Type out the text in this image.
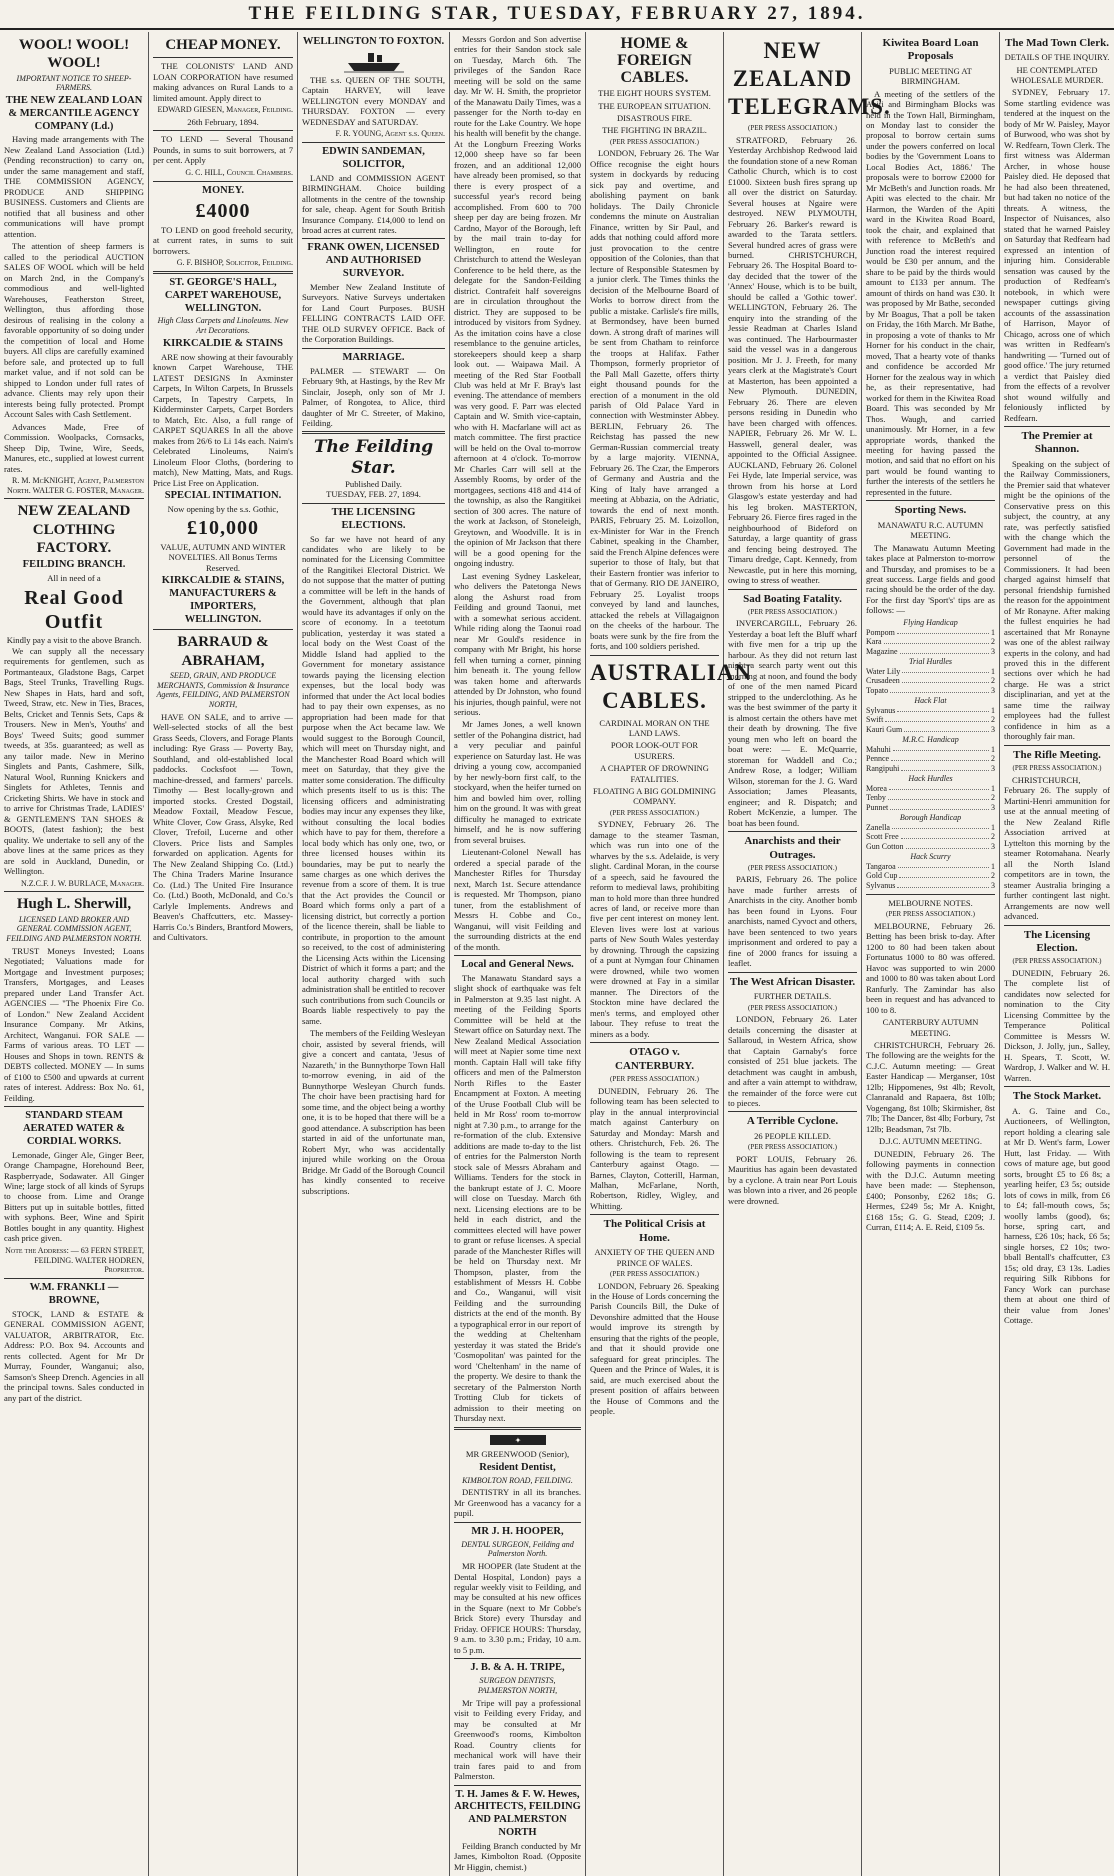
THE FEILDING STAR, TUESDAY, FEBRUARY 27, 1894.
WOOL! WOOL! WOOL!
IMPORTANT NOTICE TO SHEEP-FARMERS.
THE NEW ZEALAND LOAN & MERCANTILE AGENCY COMPANY (Ld.)

Having made arrangements with The New Zealand Land Association (Ltd.) (Pending reconstruction) to carry on, under the same management and staff, THE COMMISSION AGENCY, PRODUCE AND SHIPPING BUSINESS. Customers and Clients are notified that all business and other communications will have prompt attention.

The attention of sheep farmers is called to the periodical AUCTION SALES OF WOOL which will be held on March 2nd, in the Company's commodious and well-lighted Warehouses, Featherston Street, Wellington, thus affording those desirous of realising in the colony a favorable opportunity of so doing under the competition of local and Home buyers. All clips are carefully examined before sale, and protected up to full market value, and if not sold can be shipped to London under full rates of advance. Clients may rely upon their interests being fully protected. Prompt Account Sales with Cash Settlement.

Advances Made, Free of Commission. Woolpacks, Cornsacks, Sheep Dip, Twine, Wire, Seeds, Manures, etc., supplied at lowest current rates.

R. M. McKNIGHT, Agent, Palmerston North. WALTER G. FOSTER, Manager.
NEW ZEALAND CLOTHING FACTORY.
FEILDING BRANCH.
All in need of a
Real Good Outfit
Kindly pay a visit to the above Branch.

We can supply all the necessary requirements for gentlemen, such as Portmanteaux, Gladstone Bags, Carpet Bags, Steel Trunks, Travelling Rugs. New Shapes in Hats, hard and soft, Tweed, Straw, etc. New in Ties, Braces, Belts, Cricket and Tennis Sets, Caps & Trousers. New in Men's, Youths' and Boys' Tweed Suits; good summer tweeds, at 35s. guaranteed; as well as any tailor made. New in Merino Singlets and Pants, Cashmere, Silk, Natural Wool, Running Knickers and Singlets for Athletes, Tennis and Cricketing Shirts. We have in stock and to arrive for Christmas Trade, LADIES' & GENTLEMEN'S TAN SHOES & BOOTS, (latest fashion); the best quality. We undertake to sell any of the above lines at the same prices as they are sold in Auckland, Dunedin, or Wellington.

N.Z.C.F. J. W. BURLACE, Manager.
Hugh L. Sherwill,
LICENSED LAND BROKER AND GENERAL COMMISSION AGENT, FEILDING AND PALMERSTON NORTH.

TRUST Moneys Invested; Loans Negotiated; Valuations made for Mortgage and Investment purposes; Transfers, Mortgages, and Leases prepared under Land Transfer Act. AGENCIES — "The Phoenix Fire Co. of London." New Zealand Accident Insurance Company. Mr Atkins, Architect, Wanganui. FOR SALE — Farms of various areas. TO LET — Houses and Shops in town. RENTS & DEBTS collected. MONEY — In sums of £100 to £500 and upwards at current rates of interest. Address: Box No. 61, Feilding.

STANDARD STEAM AERATED WATER & CORDIAL WORKS.

Lemonade, Ginger Ale, Ginger Beer, Orange Champagne, Horehound Beer, Raspberryade, Sodawater. All Ginger Wine; large stock of all kinds of Syrups to choose from. Lime and Orange Bitters put up in suitable bottles, fitted with syphons. Beer, Wine and Spirit Bottles bought in any quantity. Highest cash price given.

Note the Address: — 63 FERN STREET, FEILDING. WALTER HODREN, Proprietor.
W.M. FRANKLI — BROWNE,

STOCK, LAND & ESTATE & GENERAL COMMISSION AGENT, VALUATOR, ARBITRATOR, Etc. Address: P.O. Box 94. Accounts and rents collected. Agent for Mr Dr Murray, Founder, Wanganui; also, Samson's Sheep Drench. Agencies in all the principal towns. Sales conducted in any part of the district.

CHEAP MONEY.

THE COLONISTS' LAND AND LOAN CORPORATION have resumed making advances on Rural Lands to a limited amount. Apply direct to

EDWARD GIESEN, Manager, Feilding.
26th February, 1894.

TO LEND — Several Thousand Pounds, in sums to suit borrowers, at 7 per cent. Apply

G. C. HILL, Council Chambers.
MONEY.
£4000

TO LEND on good freehold security, at current rates, in sums to suit borrowers.

G. F. BISHOP, Solicitor, Feilding.
ST. GEORGE'S HALL, CARPET WAREHOUSE, WELLINGTON.
High Class Carpets and Linoleums. New Art Decorations.
KIRKCALDIE & STAINS

ARE now showing at their favourably known Carpet Warehouse, THE LATEST DESIGNS In Axminster Carpets, In Wilton Carpets, In Brussels Carpets, In Tapestry Carpets, In Kidderminster Carpets, Carpet Borders to Match, Etc. Also, a full range of CARPET SQUARES In all the above makes from 26/6 to Li 14s each. Nairn's Celebrated Linoleums, Nairn's Linoleum Floor Cloths, (bordering to match), New Matting, Mats, and Rugs. Price List Free on Application.

SPECIAL INTIMATION.
Now opening by the s.s. Gothic,
£10,000
VALUE, AUTUMN AND WINTER NOVELTIES. All Bonus Terms Reserved.
KIRKCALDIE & STAINS, MANUFACTURERS & IMPORTERS, WELLINGTON.
BARRAUD & ABRAHAM,
SEED, GRAIN, AND PRODUCE MERCHANTS, Commission & Insurance Agents, FEILDING, AND PALMERSTON NORTH,

HAVE ON SALE, and to arrive — Well-selected stocks of all the best Grass Seeds, Clovers, and Forage Plants including: Rye Grass — Poverty Bay, Southland, and old-established local paddocks. Cocksfoot — Town, machine-dressed, and farmers' parcels. Timothy — Best locally-grown and imported stocks. Crested Dogstail, Meadow Foxtail, Meadow Fescue, White Clover, Cow Grass, Alsyke, Red Clover, Trefoil, Lucerne and other Clovers. Price lists and Samples forwarded on application. Agents for The New Zealand Shipping Co. (Ltd.) The China Traders Marine Insurance Co. (Ltd.) The United Fire Insurance Co. (Ltd.) Booth, McDonald, and Co.'s Carlyle Implements. Andrews and Beaven's Chaffcutters, etc. Massey-Harris Co.'s Binders, Brantford Mowers, and Cultivators.

WELLINGTON TO FOXTON.

THE s.s. QUEEN OF THE SOUTH, Captain HARVEY, will leave WELLINGTON every MONDAY and THURSDAY. FOXTON — every WEDNESDAY and SATURDAY.

F. R. YOUNG, Agent s.s. Queen.
EDWIN SANDEMAN, SOLICITOR,

LAND and COMMISSION AGENT BIRMINGHAM. Choice building allotments in the centre of the township for sale, cheap. Agent for South British Insurance Company. £14,000 to lend on broad acres at current rates.

FRANK OWEN, LICENSED AND AUTHORISED SURVEYOR.

Member New Zealand Institute of Surveyors. Native Surveys undertaken for Land Court Purposes. BUSH FELLING CONTRACTS LAID OFF. THE OLD SURVEY OFFICE. Back of the Corporation Buildings.

MARRIAGE.

PALMER — STEWART — On February 9th, at Hastings, by the Rev Mr Sinclair, Joseph, only son of Mr J. Palmer, of Rongotea, to Alice, third daughter of Mr C. Streeter, of Makino, Feilding.

The Feilding Star.
Published Daily.
TUESDAY, FEB. 27, 1894.
THE LICENSING ELECTIONS.

So far we have not heard of any candidates who are likely to be nominated for the Licensing Committee of the Rangitikei Electoral District. We do not suppose that the matter of putting a committee will be left in the hands of the Government, although that plan would have its advantages if only on the score of economy. In a teetotum publication, yesterday it was stated a local body on the West Coast of the Middle Island had applied to the Government for monetary assistance towards paying the licensing election expenses, but the local body was informed that under the Act local bodies had to pay their own expenses, as no appropriation had been made for that purpose when the Act became law. We would suggest to the Borough Council, which will meet on Thursday night, and the Manchester Road Board which will meet on Saturday, that they give the matter some consideration. The difficulty which presents itself to us is this: The licensing officers and administrating bodies may incur any expenses they like, without consulting the local bodies which have to pay for them, therefore a local body which has only one, two, or three licensed houses within its boundaries, may be put to nearly the same charges as one which derives the revenue from a score of them. It is true that the Act provides the Council or Board which forms only a part of a licensing district, but correctly a portion of the licence therein, shall be liable to contribute, in proportion to the amount so received, to the cost of administering the Licensing Acts within the Licensing District of which it forms a part; and the local authority charged with such administration shall be entitled to recover such contributions from such Councils or Boards liable respectively to pay the same.

The members of the Feilding Wesleyan choir, assisted by several friends, will give a concert and cantata, 'Jesus of Nazareth,' in the Bunnythorpe Town Hall to-morrow evening, in aid of the Bunnythorpe Wesleyan Church funds. The choir have been practising hard for some time, and the object being a worthy one, it is to be hoped that there will be a good attendance. A subscription has been started in aid of the unfortunate man, Robert Myr, who was accidentally injured while working on the Oroua Bridge. Mr Gadd of the Borough Council has kindly consented to receive subscriptions.

Messrs Gordon and Son advertise entries for their Sandon stock sale on Tuesday, March 6th. The privileges of the Sandon Race meeting will be sold on the same day. Mr W. H. Smith, the proprietor of the Manawatu Daily Times, was a passenger for the North to-day en route for the Lake Country. We hope his health will benefit by the change. At the Longburn Freezing Works 12,000 sheep have so far been frozen, and an additional 12,000 have already been promised, so that there is every prospect of a successful year's record being accomplished. From 600 to 700 sheep per day are being frozen. Mr Cardno, Mayor of the Borough, left by the mail train to-day for Wellington, en route for Christchurch to attend the Wesleyan Conference to be held there, as the delegate for the Sandon-Feilding district. Contrafeit half sovereigns are in circulation throughout the district. They are supposed to be introduced by visitors from Sydney. As the imitation coins have a close resemblance to the genuine articles, storekeepers should keep a sharp look out. — Waipawa Mail. A meeting of the Red Star Football Club was held at Mr F. Bray's last evening. The attendance of members was very good. F. Parr was elected Captain and W. Smith vice-captain, who with H. Macfarlane will act as match committee. The first practice will be held on the Oval to-morrow afternoon at 4 o'clock. To-morrow Mr Charles Carr will sell at the Assembly Rooms, by order of the mortgagees, sections 418 and 414 of the township, as also the Rangitikei section of 300 acres. The nature of the work at Jackson, of Stoneleigh, Greytown, and Woodville. It is in the opinion of Mr Jackson that there will be a good opening for the ongoing industry.

Last evening Sydney Laskelear, who delivers the Patetonga News along the Ashurst road from Feilding and ground Taonui, met with a somewhat serious accident. While riding along the Taonui road near Mr Gould's residence in company with Mr Bright, his horse fell when turning a corner, pinning him beneath it. The young fellow was taken home and afterwards attended by Dr Johnston, who found his injuries, though painful, were not serious.

Mr James Jones, a well known settler of the Pohangina district, had a very peculiar and painful experience on Saturday last. He was driving a young cow, accompanied by her newly-born first calf, to the stockyard, when the heifer turned on him and bowled him over, rolling him on the ground. It was with great difficulty he managed to extricate himself, and he is now suffering from several bruises.

Lieutenant-Colonel Newall has ordered a special parade of the Manchester Rifles for Thursday next, March 1st. Secure attendance is requested. Mr Thompson, piano tuner, from the establishment of Messrs H. Cobbe and Co., Wanganui, will visit Feilding and the surrounding districts at the end of the month.

Local and General News.

The Manawatu Standard says a slight shock of earthquake was felt in Palmerston at 9.35 last night. A meeting of the Feilding Sports Committee will be held at the Stewart office on Saturday next. The New Zealand Medical Association will meet at Napier some time next month. Captain Hall will take fifty officers and men of the Palmerston North Rifles to the Easter Encampment at Foxton. A meeting of the Uruse Football Club will be held in Mr Ross' room to-morrow night at 7.30 p.m., to arrange for the re-formation of the club. Extensive additions are made to-day to the list of entries for the Palmerston North stock sale of Messrs Abraham and Williams. Tenders for the stock in the bankrupt estate of J. C. Moore will close on Tuesday. March 6th next. Licensing elections are to be held in each district, and the committees elected will have power to grant or refuse licenses. A special parade of the Manchester Rifles will be held on Thursday next. Mr Thompson, plaster, from the establishment of Messrs H. Cobbe and Co., Wanganui, will visit Feilding and the surrounding districts at the end of the month. By a typographical error in our report of the wedding at Cheltenham yesterday it was stated the Bride's 'Cosmopolitan' was painted for the word 'Cheltenham' in the name of the property. We desire to thank the secretary of the Palmerston North Trotting Club for tickets of admission to their meeting on Thursday next.

✦
MR GREENWOOD (Senior),
Resident Dentist,
KIMBOLTON ROAD, FEILDING.

DENTISTRY in all its branches. Mr Greenwood has a vacancy for a pupil.

MR J. H. HOOPER,
DENTAL SURGEON, Feilding and Palmerston North.

MR HOOPER (late Student at the Dental Hospital, London) pays a regular weekly visit to Feilding, and may be consulted at his new offices in the Square (next to Mr Cobbe's Brick Store) every Thursday and Friday. OFFICE HOURS: Thursday, 9 a.m. to 3.30 p.m.; Friday, 10 a.m. to 5 p.m.

J. B. & A. H. TRIPE,
SURGEON DENTISTS, PALMERSTON NORTH,

Mr Tripe will pay a professional visit to Feilding every Friday, and may be consulted at Mr Greenwood's rooms, Kimbolton Road. Country clients for mechanical work will have their train fares paid to and from Palmerston.

T. H. James & F. W. Hewes, ARCHITECTS, FEILDING AND PALMERSTON NORTH

Feilding Branch conducted by Mr James, Kimbolton Road. (Opposite Mr Higgin, chemist.)

HOME & FOREIGN CABLES.
THE EIGHT HOURS SYSTEM.
THE EUROPEAN SITUATION.
DISASTROUS FIRE.
THE FIGHTING IN BRAZIL.
(PER PRESS ASSOCIATION.)

LONDON, February 26. The War Office recognise the eight hours system in dockyards by reducing sick pay and overtime, and abolishing payment on bank holidays. The Daily Chronicle condemns the minute on Australian Finance, written by Sir Paul, and adds that nothing could afford more just provocation to the centre opposition of the Colonies, than that lecture of Responsible Statesmen by a junior clerk. The Times thinks the decision of the Melbourne Board of Works to borrow direct from the public a mistake. Carlisle's fire mills, at Bermondsey, have been burned down. A strong draft of marines will be sent from Chatham to reinforce the troops at Halifax. Father Thompson, formerly proprietor of the Pall Mall Gazette, offers thirty eight thousand pounds for the erection of a monument in the old parish of Old Palace Yard in connection with Westminster Abbey. BERLIN, February 26. The Reichstag has passed the new German-Russian commercial treaty by a large majority. VIENNA, February 26. The Czar, the Emperors of Germany and Austria and the King of Italy have arranged a meeting at Abbazia, on the Adriatic, towards the end of next month. PARIS, February 25. M. Loizollon, ex-Minister for War in the French Cabinet, speaking in the Chamber, said the French Alpine defences were superior to those of Italy, but that their Eastern frontier was inferior to that of Germany. RIO DE JANEIRO, February 25. Loyalist troops conveyed by land and launches, attacked the rebels at Villagaignon on the cheeks of the harbour. The boats were sunk by the fire from the forts, and 100 soldiers perished.

AUSTRALIAN CABLES.
CARDINAL MORAN ON THE LAND LAWS.
POOR LOOK-OUT FOR USURERS.
A CHAPTER OF DROWNING FATALITIES.
FLOATING A BIG GOLDMINING COMPANY.
(PER PRESS ASSOCIATION.)

SYDNEY, February 26. The damage to the steamer Tasman, which was run into one of the wharves by the s.s. Adelaide, is very slight. Cardinal Moran, in the course of a speech, said he favoured the reform to medieval laws, prohibiting man to hold more than three hundred acres of land, or receive more than five per cent interest on money lent. Eleven lives were lost at various parts of New South Wales yesterday by drowning. Through the capsizing of a punt at Nymgan four Chinamen were drowned, while two women were drowned at Fay in a similar manner. The Directors of the Stockton mine have declared the men's terms, and employed other labour. They refuse to treat the miners as a body.

OTAGO v. CANTERBURY.
(PER PRESS ASSOCIATION.)

DUNEDIN, February 26. The following team has been selected to play in the annual interprovincial match against Canterbury on Saturday and Monday: Marsh and others. Christchurch, Feb. 26. The following is the team to represent Canterbury against Otago. — Barnes, Clayton, Cotterill, Harman, Malhan, McFarlane, North, Robertson, Ridley, Wigley, and Whitting.

The Political Crisis at Home.
ANXIETY OF THE QUEEN AND PRINCE OF WALES.
(PER PRESS ASSOCIATION.)

LONDON, February 26. Speaking in the House of Lords concerning the Parish Councils Bill, the Duke of Devonshire admitted that the House would improve its strength by ensuring that the rights of the people, and that it should provide one safeguard for great principles. The Queen and the Prince of Wales, it is said, are much exercised about the present position of affairs between the House of Commons and the people.

NEW ZEALAND TELEGRAMS.
(PER PRESS ASSOCIATION.)

STRATFORD, February 26. Yesterday Archbishop Redwood laid the foundation stone of a new Roman Catholic Church, which is to cost £1000. Sixteen bush fires sprang up all over the district on Saturday. Several houses at Ngaire were destroyed. NEW PLYMOUTH, February 26. Barker's reward is awarded to the Tarata settlers. Several hundred acres of grass were burned. CHRISTCHURCH, February 26. The Hospital Board to-day decided that the tower of the 'Annex' House, which is to be built, should be called a 'Gothic tower'. WELLINGTON, February 26. The enquiry into the stranding of the Jessie Readman at Charles Island was continued. The Harbourmaster said the vessel was in a dangerous position. Mr J. J. Freeth, for many years clerk at the Magistrate's Court at Masterton, has been appointed a New Plymouth. DUNEDIN, February 26. There are eleven persons residing in Dunedin who have been charged with offences. NAPIER, February 26. Mr W. L. Hasswell, general dealer, was appointed to the Official Assignee. AUCKLAND, February 26. Colonel Fei Hyde, late Imperial service, was thrown from his horse at Lord Glasgow's estate yesterday and had his leg broken. MASTERTON, February 26. Fierce fires raged in the neighbourhood of Bideford on Saturday, a large quantity of grass and fencing being destroyed. The Timaru dredge, Capt. Kennedy, from Newcastle, put in here this morning, owing to stress of weather.

Sad Boating Fatality.
(PER PRESS ASSOCIATION.)

INVERCARGILL, February 26. Yesterday a boat left the Bluff wharf with five men for a trip up the harbour. As they did not return last night a search party went out this morning at noon, and found the body of one of the men named Picard stripped to the underclothing. As he was the best swimmer of the party it is almost certain the others have met their death by drowning. The five young men who left on board the boat were: — E. McQuarrie, storeman for Waddell and Co.; Andrew Rose, a lodger; William Wilson, storeman for the J. G. Ward Association; James Pleasants, engineer; and R. Dispatch; and Robert McKenzie, a lumper. The boat has been found.

Anarchists and their Outrages.
(PER PRESS ASSOCIATION.)

PARIS, February 26. The police have made further arrests of Anarchists in the city. Another bomb has been found in Lyons. Four anarchists, named Cyvoct and others, have been sentenced to two years imprisonment and ordered to pay a fine of 2000 francs for issuing a leaflet.

The West African Disaster.
FURTHER DETAILS.
(PER PRESS ASSOCIATION.)

LONDON, February 26. Later details concerning the disaster at Sallaroud, in Western Africa, show that Captain Garnaby's force consisted of 251 blue jackets. The detachment was caught in ambush, and after a vain attempt to withdraw, the remainder of the force were cut to pieces.

A Terrible Cyclone.
26 PEOPLE KILLED.
(PER PRESS ASSOCIATION.)

PORT LOUIS, February 26. Mauritius has again been devastated by a cyclone. A train near Port Louis was blown into a river, and 26 people were drowned.

Kiwitea Board Loan Proposals
PUBLIC MEETING AT BIRMINGHAM.

A meeting of the settlers of the Apiti and Birmingham Blocks was held in the Town Hall, Birmingham, on Monday last to consider the proposal to borrow certain sums under the powers conferred on local bodies by the 'Government Loans to Local Bodies Act, 1886.' The proposals were to borrow £2000 for Mr McBeth's and Junction roads. Mr Apiti was elected to the chair. Mr Harmon, the Warden of the Apiti ward in the Kiwitea Road Board, took the chair, and explained that with reference to McBeth's and Junction road the interest required would be £30 per annum, and the share to be paid by the thirds would amount to £133 per annum. The amount of thirds on hand was £30. It was proposed by Mr Bathe, seconded by Mr Boagus, That a poll be taken on Friday, the 16th March. Mr Bathe, in proposing a vote of thanks to Mr Horner for his conduct in the chair, moved, That a hearty vote of thanks and confidence be accorded Mr Horner for the zealous way in which he, as their representative, had worked for them in the Kiwitea Road Board. This was seconded by Mr Thos. Waugh, and carried unanimously. Mr Horner, in a few appropriate words, thanked the meeting for having passed the motion, and said that no effort on his part would be found wanting to further the interests of the settlers he represented in the future.

Sporting News.
MANAWATU R.C. AUTUMN MEETING.

The Manawatu Autumn Meeting takes place at Palmerston to-morrow and Thursday, and promises to be a great success. Large fields and good racing should be the order of the day. For the first day 'Sport's' tips are as follows: —

Flying Handicap
Pompom	1
Kara	2
Magazine	3
Trial Hurdles
Water Lily	1
Crusadeen	2
Topato	3
Hack Flat
Sylvanus	1
Swift	2
Kauri Gum	3
M.R.C. Handicap
Mahuhi	1
Pennce	2
Rangipuhi	3
Hack Hurdles
Morea	1
Tenby	2
Punnet	3
Borough Handicap
Zanella	1
Scott Free	2
Gun Cotton	3
Hack Scurry
Tangaroa	1
Gold Cup	2
Sylvanus	3
MELBOURNE NOTES.
(PER PRESS ASSOCIATION.)

MELBOURNE, February 26. Betting has been brisk to-day. After 1200 to 80 had been taken about Fortunatus 1000 to 80 was offered. Havoc was supported to win 2000 and 1000 to 80 was taken about Lord Ranfurly. The Zamindar has also been in request and has advanced to 100 to 8.

CANTERBURY AUTUMN MEETING.

CHRISTCHURCH, February 26. The following are the weights for the C.J.C. Autumn meeting: — Great Easter Handicap — Merganser, 10st 12lb; Hippomenes, 9st 4lb; Revolt, Clanranald and Rapaera, 8st 10lb; Vogengang, 8st 10lb; Skirmisher, 8st 7lb; The Dancer, 8st 4lb; Forbury, 7st 12lb; Beadsman, 7st 7lb.

D.J.C. AUTUMN MEETING.

DUNEDIN, February 26. The following payments in connection with the D.J.C. Autumn meeting have been made: — Stephenson, £400; Ponsonby, £262 18s; G. Hermes, £249 5s; Mr A. Knight, £168 15s; G. G. Stead, £209; J. Curran, £114; A. E. Reid, £109 5s.

The Mad Town Clerk.
DETAILS OF THE INQUIRY.
HE CONTEMPLATED WHOLESALE MURDER.

SYDNEY, February 17. Some startling evidence was tendered at the inquest on the body of Mr W. Paisley, Mayor of Burwood, who was shot by W. Redfearn, Town Clerk. The first witness was Alderman Archer, in whose house Paisley died. He deposed that he had also been threatened, but had taken no notice of the threats. A witness, the Inspector of Nuisances, also stated that he warned Paisley on Saturday that Redfearn had expressed an intention of injuring him. Considerable sensation was caused by the production of Redfearn's notebook, in which were newspaper cuttings giving accounts of the assassination of Harrison, Mayor of Chicago, across one of which was written in Redfearn's handwriting — 'Turned out of good office.' The jury returned a verdict that Paisley died from the effects of a revolver shot wound wilfully and feloniously inflicted by Redfearn.

The Premier at Shannon.

Speaking on the subject of the Railway Commissioners, the Premier said that whatever might be the opinions of the Conservative press on this subject, the country, at any rate, was perfectly satisfied with the change which the Government had made in the personnel of the Commissioners. It had been charged against himself that personal friendship furnished the reason for the appointment of Mr Ronayne. After making the fullest enquiries he had ascertained that Mr Ronayne was one of the ablest railway experts in the colony, and had proved this in the different sections over which he had charge. He was a strict disciplinarian, and yet at the same time the railway employees had the fullest confidence in him as a thoroughly fair man.

The Rifle Meeting.
(PER PRESS ASSOCIATION.)

CHRISTCHURCH, February 26. The supply of Martini-Henri ammunition for use at the annual meeting of the New Zealand Rifle Association arrived at Lyttelton this morning by the steamer Rotomahana. Nearly all the North Island competitors are in town, the steamer Australia bringing a further contingent last night. Arrangements are now well advanced.

The Licensing Election.
(PER PRESS ASSOCIATION.)

DUNEDIN, February 26. The complete list of candidates now selected for nomination to the City Licensing Committee by the Temperance Political Committee is Messrs W. Dickson, J. Jolly, jun., Salley, H. Spears, T. Scott, W. Wardrop, J. Walker and W. H. Warren.

The Stock Market.

A. G. Taine and Co., Auctioneers, of Wellington, report holding a clearing sale at Mr D. Went's farm, Lower Hutt, last Friday. — With cows of mature age, but good sorts, brought £5 to £6 8s; a yearling heifer, £3 5s; outside lots of cows in milk, from £6 to £4; fall-mouth cows, 5s; woolly lambs (good), 6s; horse, spring cart, and harness, £26 10s; hack, £6 5s; single horses, £2 10s; two-bball Bentall's chaffcutter, £3 15s; old dray, £3 13s. Ladies requiring Silk Ribbons for Fancy Work can purchase them at about one third of their value from Jones' Cottage.
